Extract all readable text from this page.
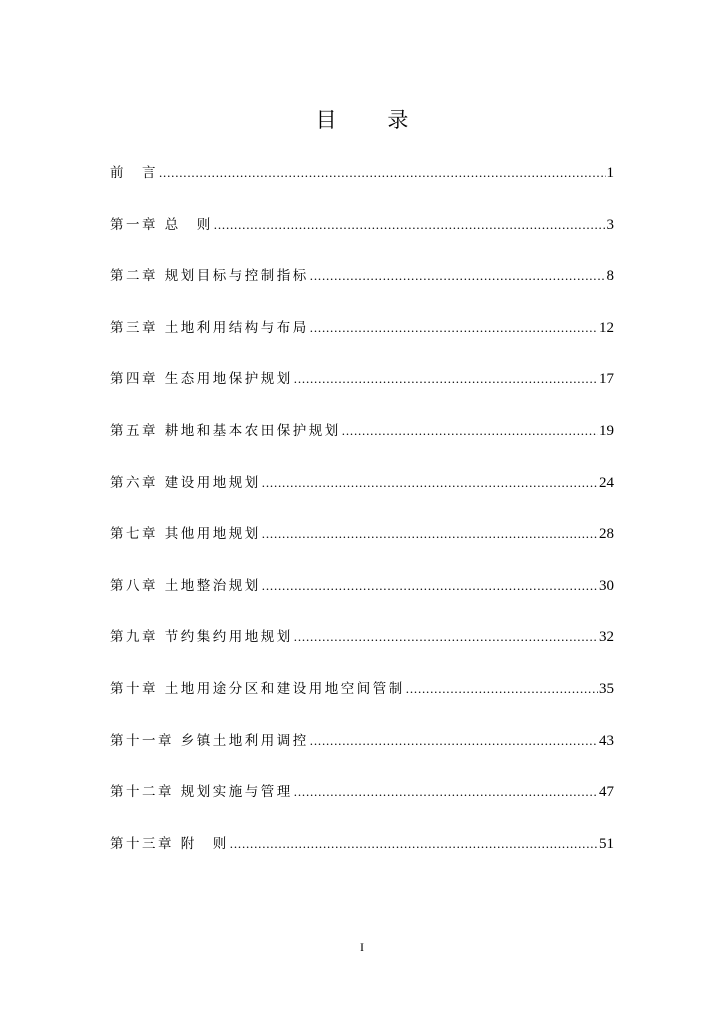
目 录
前　言 .....	1
第一章 总　则 .....	3
第二章 规划目标与控制指标 .....	8
第三章 土地利用结构与布局 .....	12
第四章 生态用地保护规划 .....	17
第五章 耕地和基本农田保护规划 .....	19
第六章 建设用地规划 .....	24
第七章 其他用地规划 .....	28
第八章 土地整治规划 .....	30
第九章 节约集约用地规划 .....	32
第十章 土地用途分区和建设用地空间管制 .....	35
第十一章 乡镇土地利用调控 .....	43
第十二章 规划实施与管理 .....	47
第十三章 附　则 .....	51
I
